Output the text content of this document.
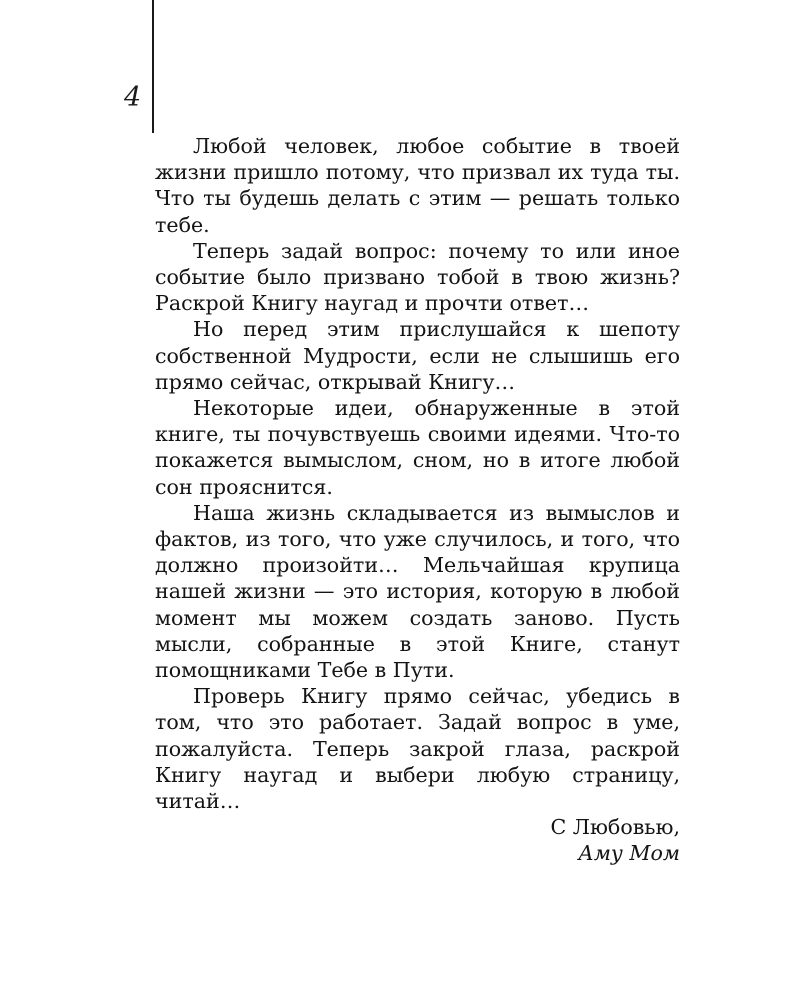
4

Любой человек, любое событие в твоей жизни пришло потому, что призвал их туда ты. Что ты будешь делать с этим — решать только тебе.

Теперь задай вопрос: почему то или иное событие было призвано тобой в твою жизнь? Раскрой Книгу наугад и прочти ответ…

Но перед этим прислушайся к шепоту собственной Мудрости, если не слышишь его прямо сейчас, открывай Книгу…

Некоторые идеи, обнаруженные в этой книге, ты почувствуешь своими идеями. Что-то покажется вымыслом, сном, но в итоге любой сон прояснится.

Наша жизнь складывается из вымыслов и фактов, из того, что уже случилось, и того, что должно произойти… Мельчайшая крупица нашей жизни — это история, которую в любой момент мы можем создать заново. Пусть мысли, собранные в этой Книге, станут помощниками Тебе в Пути.

Проверь Книгу прямо сейчас, убедись в том, что это работает. Задай вопрос в уме, пожалуйста. Теперь закрой глаза, раскрой Книгу наугад и выбери любую страницу, читай…

С Любовью,

Аму Мом
